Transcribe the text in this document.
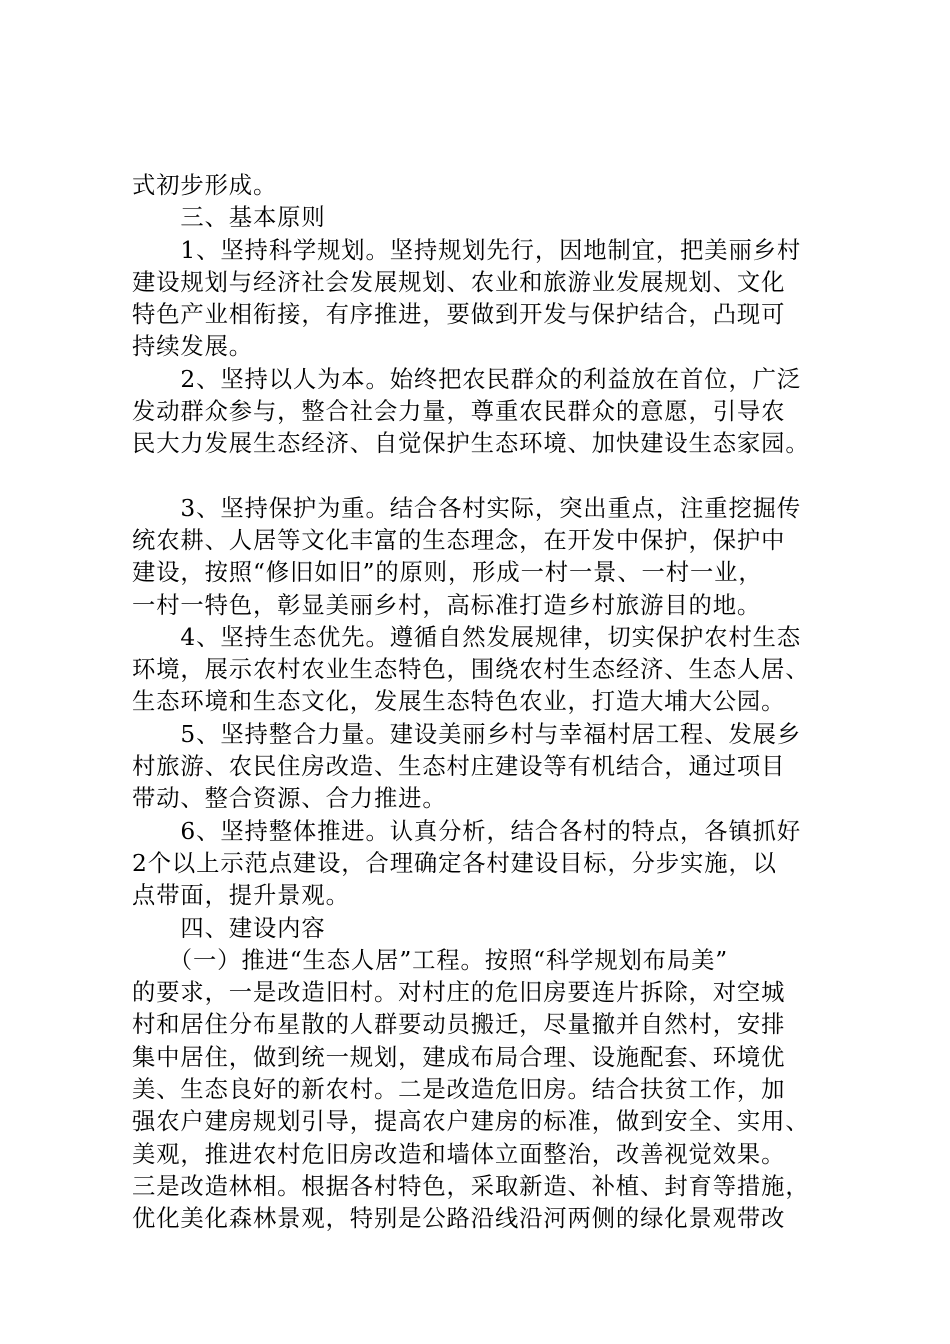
式初步形成。

　　三、基本原则

　　1、坚持科学规划。坚持规划先行，因地制宜，把美丽乡村

建设规划与经济社会发展规划、农业和旅游业发展规划、文化

特色产业相衔接，有序推进，要做到开发与保护结合，凸现可

持续发展。

　　2、坚持以人为本。始终把农民群众的利益放在首位，广泛

发动群众参与，整合社会力量，尊重农民群众的意愿，引导农

民大力发展生态经济、自觉保护生态环境、加快建设生态家园。

　　3、坚持保护为重。结合各村实际，突出重点，注重挖掘传

统农耕、人居等文化丰富的生态理念，在开发中保护，保护中

建设，按照“修旧如旧”的原则，形成一村一景、一村一业，

一村一特色，彰显美丽乡村，高标准打造乡村旅游目的地。

　　4、坚持生态优先。遵循自然发展规律，切实保护农村生态

环境，展示农村农业生态特色，围绕农村生态经济、生态人居、

生态环境和生态文化，发展生态特色农业，打造大埔大公园。

　　5、坚持整合力量。建设美丽乡村与幸福村居工程、发展乡

村旅游、农民住房改造、生态村庄建设等有机结合，通过项目

带动、整合资源、合力推进。

　　6、坚持整体推进。认真分析，结合各村的特点，各镇抓好

2个以上示范点建设，合理确定各村建设目标，分步实施，以

点带面，提升景观。

　　四、建设内容

　　（一）推进“生态人居”工程。按照“科学规划布局美”

的要求，一是改造旧村。对村庄的危旧房要连片拆除，对空城

村和居住分布星散的人群要动员搬迁，尽量撤并自然村，安排

集中居住，做到统一规划，建成布局合理、设施配套、环境优

美、生态良好的新农村。二是改造危旧房。结合扶贫工作，加

强农户建房规划引导，提高农户建房的标准，做到安全、实用、

美观，推进农村危旧房改造和墙体立面整治，改善视觉效果。

三是改造林相。根据各村特色，采取新造、补植、封育等措施，

优化美化森林景观，特别是公路沿线沿河两侧的绿化景观带改
